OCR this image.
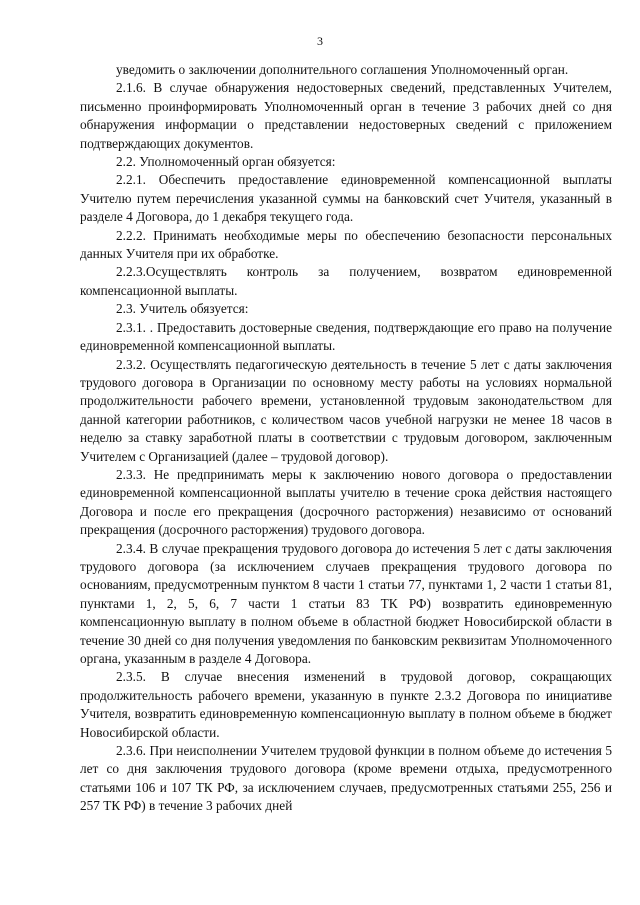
3

уведомить о заключении дополнительного соглашения Уполномоченный орган.

2.1.6. В случае обнаружения недостоверных сведений, представленных Учителем, письменно проинформировать Уполномоченный орган в течение 3 рабочих дней со дня обнаружения информации о представлении недостоверных сведений с приложением подтверждающих документов.

2.2. Уполномоченный орган обязуется:

2.2.1. Обеспечить предоставление единовременной компенсационной выплаты Учителю путем перечисления указанной суммы на банковский счет Учителя, указанный в разделе 4 Договора, до 1 декабря текущего года.

2.2.2. Принимать необходимые меры по обеспечению безопасности персональных данных Учителя при их обработке.

2.2.3.Осуществлять контроль за получением, возвратом единовременной компенсационной выплаты.

2.3. Учитель обязуется:

2.3.1. . Предоставить достоверные сведения, подтверждающие его право на получение единовременной компенсационной выплаты.

2.3.2. Осуществлять педагогическую деятельность в течение 5 лет с даты заключения трудового договора в Организации по основному месту работы на условиях нормальной продолжительности рабочего времени, установленной трудовым законодательством для данной категории работников, с количеством часов учебной нагрузки не менее 18 часов в неделю за ставку заработной платы в соответствии с трудовым договором, заключенным Учителем с Организацией (далее – трудовой договор).

2.3.3. Не предпринимать меры к заключению нового договора о предоставлении единовременной компенсационной выплаты учителю в течение срока действия настоящего Договора и после его прекращения (досрочного расторжения) независимо от оснований прекращения (досрочного расторжения) трудового договора.

2.3.4. В случае прекращения трудового договора до истечения 5 лет с даты заключения трудового договора (за исключением случаев прекращения трудового договора по основаниям, предусмотренным пунктом 8 части 1 статьи 77, пунктами 1, 2 части 1 статьи 81, пунктами 1, 2, 5, 6, 7 части 1 статьи 83 ТК РФ) возвратить единовременную компенсационную выплату в полном объеме в областной бюджет Новосибирской области в течение 30 дней со дня получения уведомления по банковским реквизитам Уполномоченного органа, указанным в разделе 4 Договора.

2.3.5. В случае внесения изменений в трудовой договор, сокращающих продолжительность рабочего времени, указанную в пункте 2.3.2 Договора по инициативе Учителя, возвратить единовременную компенсационную выплату в полном объеме в бюджет Новосибирской области.

2.3.6. При неисполнении Учителем трудовой функции в полном объеме до истечения 5 лет со дня заключения трудового договора (кроме времени отдыха, предусмотренного статьями 106 и 107 ТК РФ, за исключением случаев, предусмотренных статьями 255, 256 и 257 ТК РФ) в течение 3 рабочих дней
